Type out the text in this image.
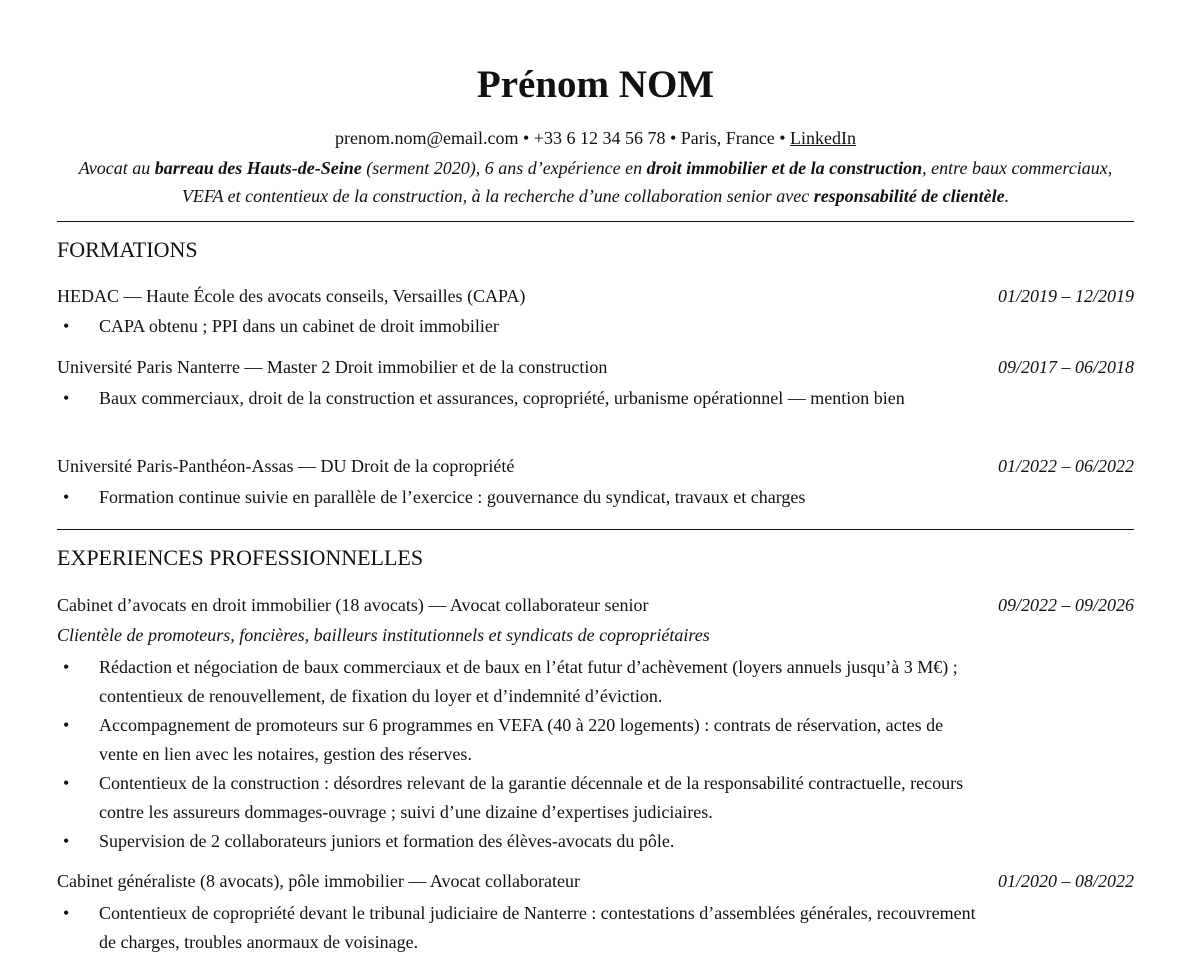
Prénom NOM
prenom.nom@email.com • +33 6 12 34 56 78 • Paris, France • LinkedIn
Avocat au barreau des Hauts-de-Seine (serment 2020), 6 ans d’expérience en droit immobilier et de la construction, entre baux commerciaux, VEFA et contentieux de la construction, à la recherche d’une collaboration senior avec responsabilité de clientèle.
FORMATIONS
HEDAC — Haute École des avocats conseils, Versailles (CAPA)	01/2019 – 12/2019
• CAPA obtenu ; PPI dans un cabinet de droit immobilier
Université Paris Nanterre — Master 2 Droit immobilier et de la construction	09/2017 – 06/2018
• Baux commerciaux, droit de la construction et assurances, copropriété, urbanisme opérationnel — mention bien
Université Paris-Panthéon-Assas — DU Droit de la copropriété	01/2022 – 06/2022
• Formation continue suivie en parallèle de l’exercice : gouvernance du syndicat, travaux et charges
EXPERIENCES PROFESSIONNELLES
Cabinet d’avocats en droit immobilier (18 avocats) — Avocat collaborateur senior	09/2022 – 09/2026
Clientèle de promoteurs, foncières, bailleurs institutionnels et syndicats de copropriétaires
• Rédaction et négociation de baux commerciaux et de baux en l’état futur d’achèvement (loyers annuels jusqu’à 3 M€) ; contentieux de renouvellement, de fixation du loyer et d’indemnité d’éviction.
• Accompagnement de promoteurs sur 6 programmes en VEFA (40 à 220 logements) : contrats de réservation, actes de vente en lien avec les notaires, gestion des réserves.
• Contentieux de la construction : désordres relevant de la garantie décennale et de la responsabilité contractuelle, recours contre les assureurs dommages-ouvrage ; suivi d’une dizaine d’expertises judiciaires.
• Supervision de 2 collaborateurs juniors et formation des élèves-avocats du pôle.
Cabinet généraliste (8 avocats), pôle immobilier — Avocat collaborateur	01/2020 – 08/2022
• Contentieux de copropriété devant le tribunal judiciaire de Nanterre : contestations d’assemblées générales, recouvrement de charges, troubles anormaux de voisinage.
